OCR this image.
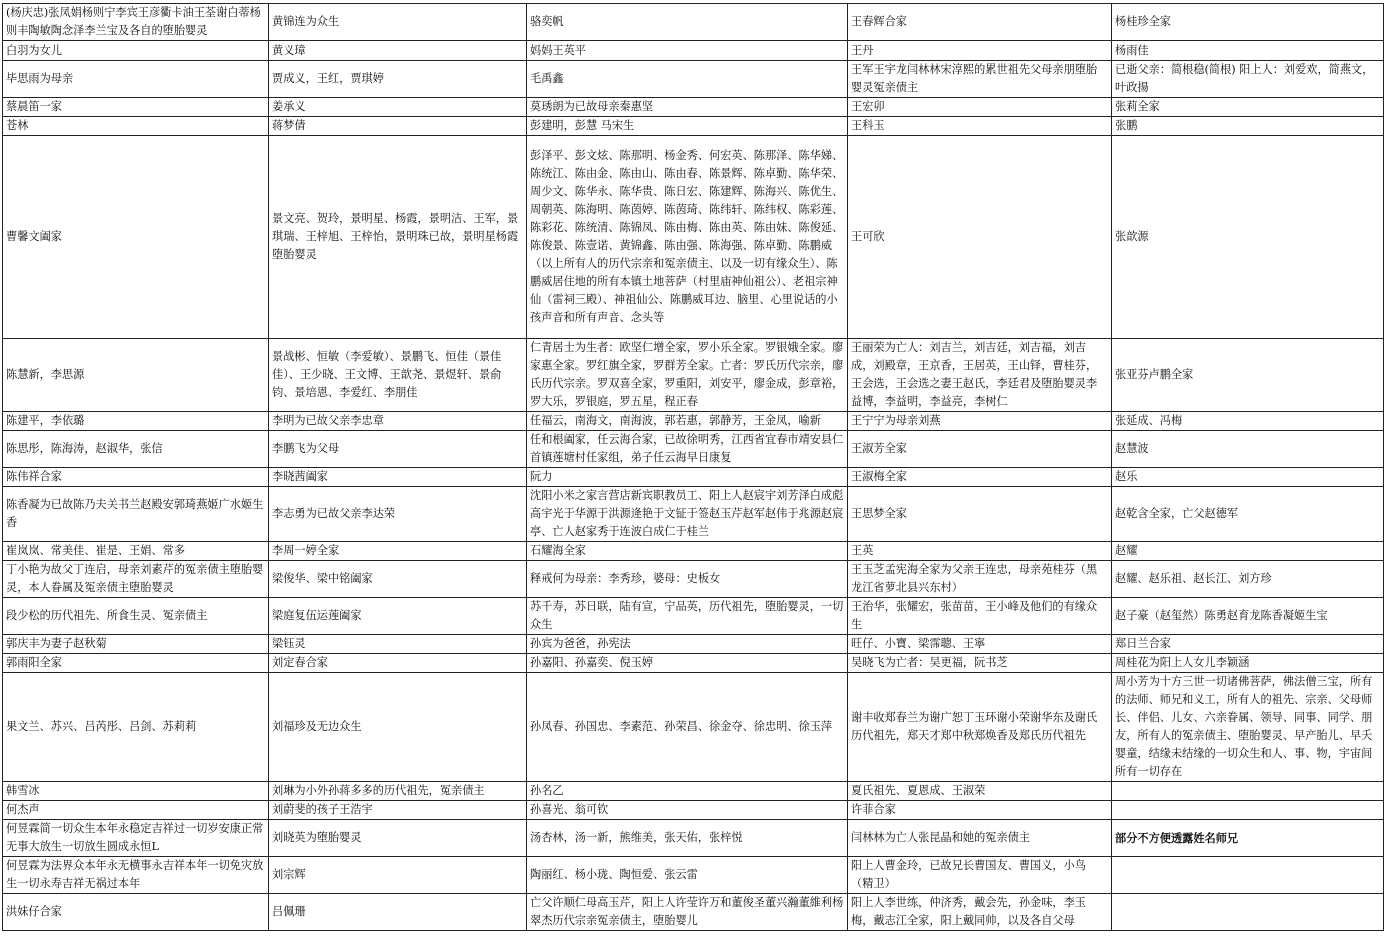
(杨庆忠)张凤娟杨则宁李宾王彦衢卡油王荃谢白蒂杨则丰陶敏陶念泽李兰宝及各自的堕胎婴灵	黄锦连为众生	骆奕帆	王春辉合家	杨桂珍全家
白羽为女儿	黄义璋	妈妈王英平	王丹	杨雨佳
毕思雨为母亲	贾成义，王红，贾琪婷	毛禹鑫	王军王宇龙闫林林宋淳熙的累世祖先父母亲朋堕胎婴灵冤亲债主	已逝父亲：简根稳(简根) 阳上人：刘爱欢，简燕文，叶政揚
蔡晨笛一家	姜承义	莫琇朗为已故母亲秦惠坚	王宏卯	张莉全家
苍林	蒋梦倩	彭建明，彭慧 马宋生	王科玉	张鹏
曹馨文阖家	景文亮、贺玲，景明星、杨霞，景明洁、王军，景琪瑞、王梓旭、王梓怡，景明珠已故，景明星杨霞堕胎婴灵	彭泽平、彭文炫、陈那明、杨金秀、何宏英、陈那泽、陈华娣、陈统江、陈由金、陈由山、陈由春、陈景辉、陈卓勤、陈华荣、周少文、陈华永、陈华贵、陈日宏、陈建辉、陈海兴、陈优生、周朝英、陈海明、陈茵婷、陈茵琦、陈纬轩、陈纬权、陈彩莲、陈彩花、陈统清、陈锦凤、陈由梅、陈由英、陈由妹、陈俊延、陈俊景、陈壹诺、黄锦鑫、陈由强、陈海强、陈卓勤、陈鹏威（以上所有人的历代宗亲和冤亲债主、以及一切有缘众生）、陈鹏威居住地的所有本镇土地菩萨（村里庙神仙祖公）、老祖宗神仙（雷祠三殿）、神祖仙公、陈鹏威耳边、脑里、心里说话的小孩声音和所有声音、念头等	王可欣	张歆源
陈慧新，李思源	景战彬、恒敏（李爱敏）、景鹏飞、恒佳（景佳佳）、王少晓、王文博、王歆尧、景煜轩、景俞钧、景培恩、李爱红、李朋佳	仁青居士为生者：欧坚仁增全家，罗小乐全家。罗银娥全家。廖家惠全家。罗红旗全家，罗群芳全家。亡者：罗氏历代宗亲，廖氏历代宗亲。罗双喜全家，罗重阳，刘安平，廖金成，彭章裕，罗大乐，罗银庭，罗五星，程正春	王丽荣为亡人：刘吉兰，刘吉廷，刘吉福，刘吉成，刘殿章，王京香，王居英，王山铎，曹桂芬，王会选，王会选之妻王赵氏，李廷君及堕胎婴灵李益博，李益明，李益亮，李树仁	张亚芬卢鹏全家
陈建平，李依璐	李明为已故父亲李忠章	任福云，南海文，南海波，郭若惠，郭静芳，王金凤，喻新	王宁宁为母亲刘燕	张延成、冯梅
陈思彤，陈海涛，赵淑华，张信	李鹏飞为父母	任和根阖家，任云海合家，已故徐明秀，江西省宜春市靖安县仁首镇莲塘村任家组，弟子任云海早日康复	王淑芳全家	赵慧波
陈伟祥合家	李晓茜阖家	阮力	王淑梅全家	赵乐
陈香凝为已故陈乃夫关书兰赵殿安郭琦燕姬广水姬生香	李志勇为已故父亲李达荣	沈阳小米之家言营店新宾职教员工、阳上人赵宸宇刘芳泽白成彪高宇光于华源于洪源逄艳于文钲于签赵玉芹赵军赵伟于兆源赵宸亭、亡人赵家秀于连波白成仁于桂兰	王思梦全家	赵乾含全家，亡父赵德军
崔岚岚、常美佳、崔是、王娟、常多	李周一婷全家	石耀海全家	王英	赵耀
丁小艳为故父丁连启，母亲刘素芹的冤亲债主堕胎婴灵，本人眷属及冤亲债主堕胎婴灵	梁俊华、梁中铭阖家	释戒何为母亲：李秀珍，婆母：史板女	王玉芝孟宪海全家为父亲王连忠，母亲苑桂芬（黑龙江省萝北县兴东村）	赵耀、赵乐祖、赵长江、刘方珍
段少松的历代祖先、所食生灵、冤亲债主	梁庭复伍运莲阖家	苏千寿，苏日联，陆有宣，宁品英，历代祖先，堕胎婴灵，一切众生	王治华，张耀宏，张苗苗，王小峰及他们的有缘众生	赵子豪（赵玺然）陈勇赵育龙陈香凝姬生宝
郭庆丰为妻子赵秋菊	梁钰灵	孙宾为爸爸，孙宪法	旺仔、小寶、梁霈聰、王寧	郑日兰合家
郭雨阳全家	刘定春合家	孙嘉阳、孙嘉奕、倪玉婷	吴晓飞为亡者：吴更福，阮书芝	周桂花为阳上人女儿李颖涵
果文兰、苏兴、吕芮彤、吕剑、苏莉莉	刘福珍及无边众生	孙凤春、孙国忠、李素范、孙荣昌、徐金夺、徐忠明、徐玉萍	谢丰收郑春兰为谢广恕丁玉环谢小荣谢华东及谢氏历代祖先，郑天才郑中秋郑焕香及郑氏历代祖先	周小芳为十方三世一切诸佛菩萨，佛法僧三宝，所有的法师、师兄和义工，所有人的祖先、宗亲、父母师长、伴侣、儿女、六亲眷属、领导、同事、同学、朋友，所有人的冤亲债主、堕胎婴灵、早产胎儿、早夭婴童，结缘未结缘的一切众生和人、事、物，宇宙间所有一切存在
韩雪冰	刘琳为小外孙蒋多多的历代祖先，冤亲债主	孙名乙	夏氏祖先、夏恩成、王淑荣	
何杰声	刘蔚斐的孩子王浩宇	孙喜光、翁可钦	许菲合家	
何昱霖简一切众生本年永稳定吉祥过一切岁安康正常无事大放生一切放生圆成永恒L	刘晓英为堕胎婴灵	汤杏林，汤一新，熊维美，张天佑，张梓悦	闫林林为亡人张昆晶和她的冤亲债主	部分不方便透露姓名师兄
何昱霖为法界众本年永无横事永吉祥本年一切免灾放生一切永寿吉祥无祸过本年	刘宗辉	陶丽红、杨小珑、陶恒爱、张云雷	阳上人曹金玲，已故兄长曹国友、曹国义，小鸟（精卫）	
洪妹仔合家	吕佩珊	亡父许顺仁母高玉芹，阳上人许莹许万和董俊圣董兴瀚董維利杨翠杰历代宗亲冤亲债主，堕胎婴儿	阳上人李世练，仲济秀，戴会先，孙金味，李玉梅，戴志江全家，阳上戴同帅，以及各自父母	
